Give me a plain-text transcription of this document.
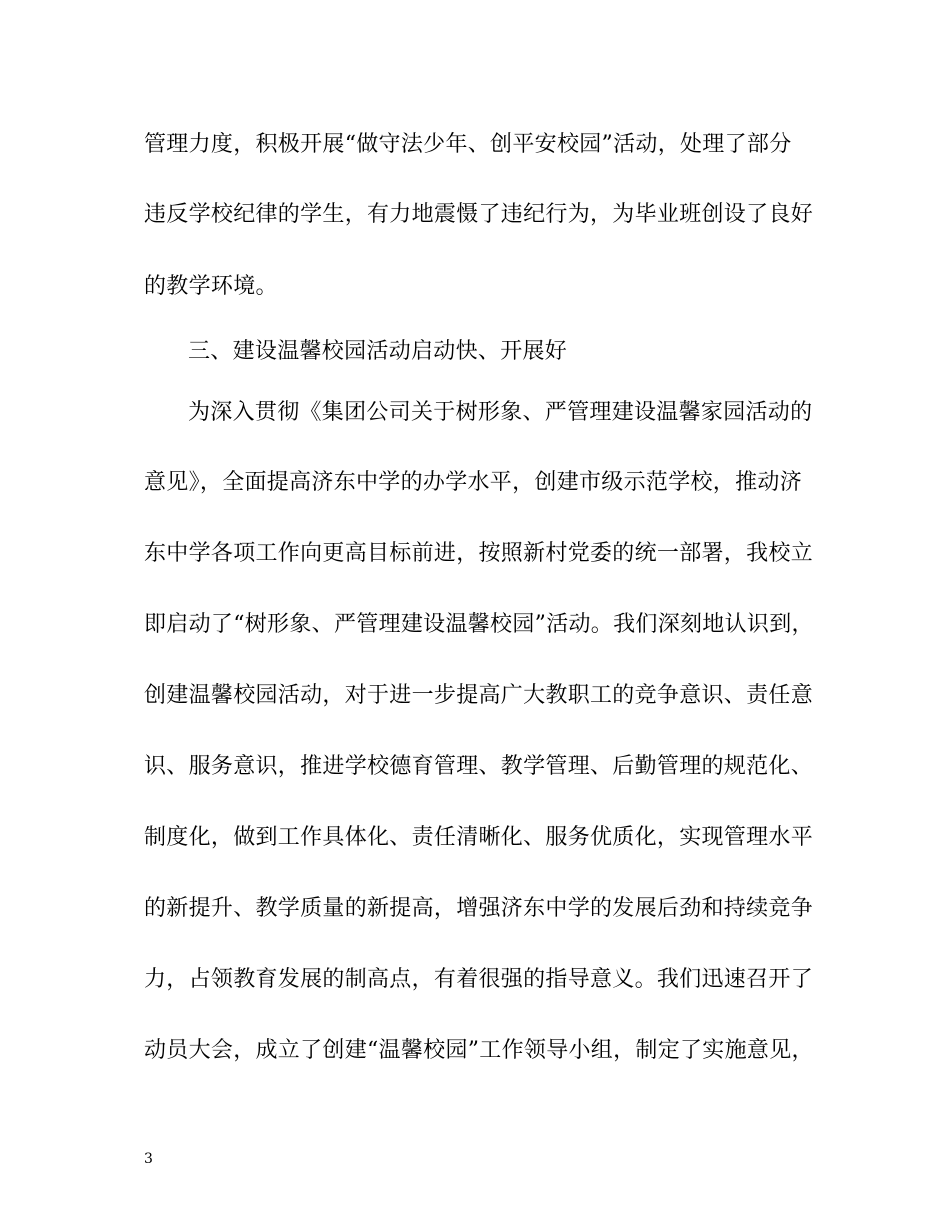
管理力度，积极开展“做守法少年、创平安校园”活动，处理了部分
违反学校纪律的学生，有力地震慑了违纪行为，为毕业班创设了良好
的教学环境。
三、建设温馨校园活动启动快、开展好
为深入贯彻《集团公司关于树形象、严管理建设温馨家园活动的
意见》，全面提高济东中学的办学水平，创建市级示范学校，推动济
东中学各项工作向更高目标前进，按照新村党委的统一部署，我校立
即启动了“树形象、严管理建设温馨校园”活动。我们深刻地认识到，
创建温馨校园活动，对于进一步提高广大教职工的竞争意识、责任意
识、服务意识，推进学校德育管理、教学管理、后勤管理的规范化、
制度化，做到工作具体化、责任清晰化、服务优质化，实现管理水平
的新提升、教学质量的新提高，增强济东中学的发展后劲和持续竞争
力，占领教育发展的制高点，有着很强的指导意义。我们迅速召开了
动员大会，成立了创建“温馨校园”工作领导小组，制定了实施意见，
3
